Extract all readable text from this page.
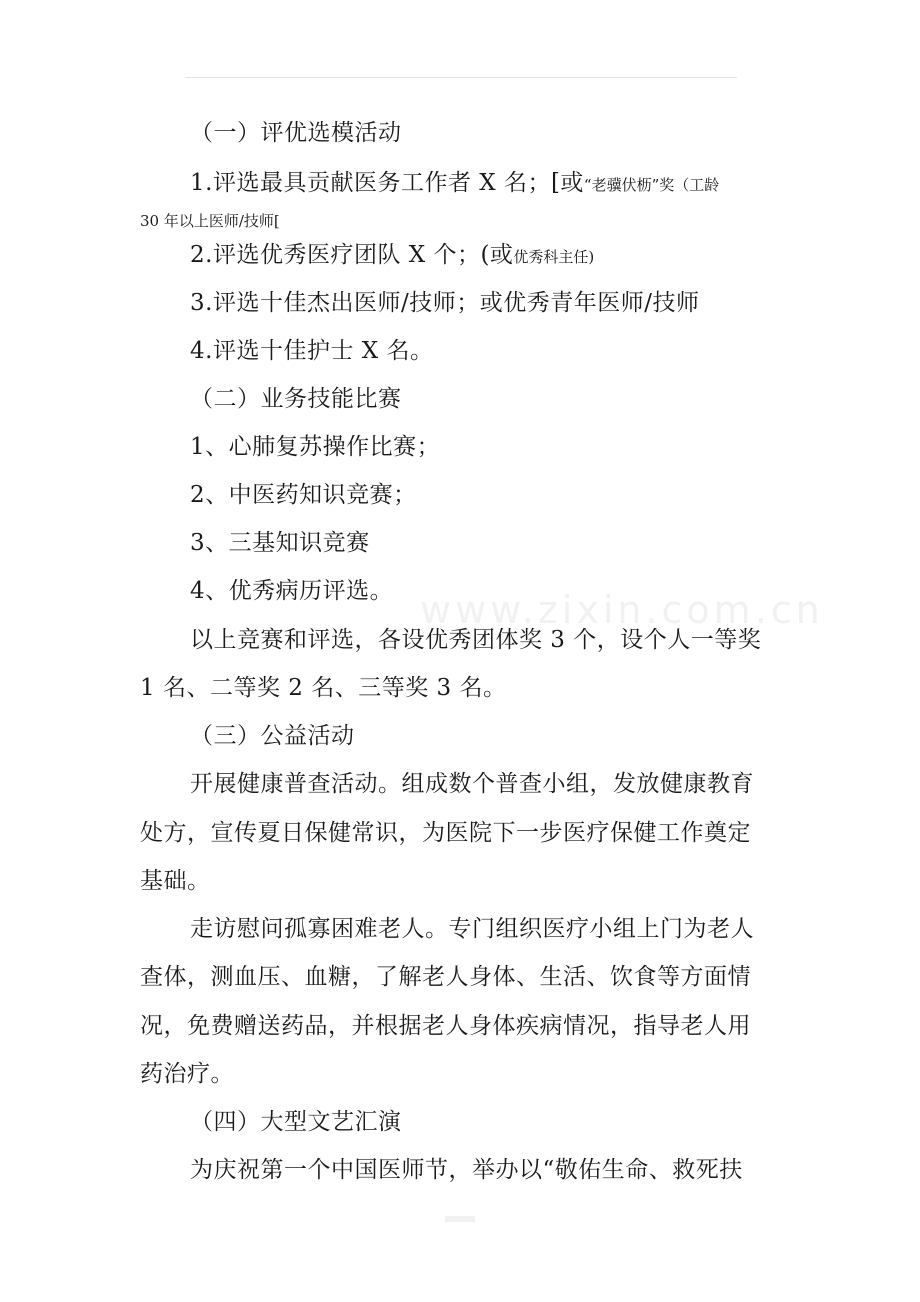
www.zixin.com.cn
（一）评优选模活动
1.评选最具贡献医务工作者 X 名；[或“老骥伏枥”奖（工龄
30 年以上医师/技师[
2.评选优秀医疗团队 X 个；(或优秀科主任)
3.评选十佳杰出医师/技师；或优秀青年医师/技师
4.评选十佳护士 X 名。
（二）业务技能比赛
1、心肺复苏操作比赛；
2、中医药知识竞赛；
3、三基知识竞赛
4、优秀病历评选。
以上竞赛和评选，各设优秀团体奖 3 个，设个人一等奖
1 名、二等奖 2 名、三等奖 3 名。
（三）公益活动
开展健康普查活动。组成数个普查小组，发放健康教育
处方，宣传夏日保健常识，为医院下一步医疗保健工作奠定
基础。
走访慰问孤寡困难老人。专门组织医疗小组上门为老人
查体，测血压、血糖，了解老人身体、生活、饮食等方面情
况，免费赠送药品，并根据老人身体疾病情况，指导老人用
药治疗。
（四）大型文艺汇演
为庆祝第一个中国医师节，举办以“敬佑生命、救死扶
